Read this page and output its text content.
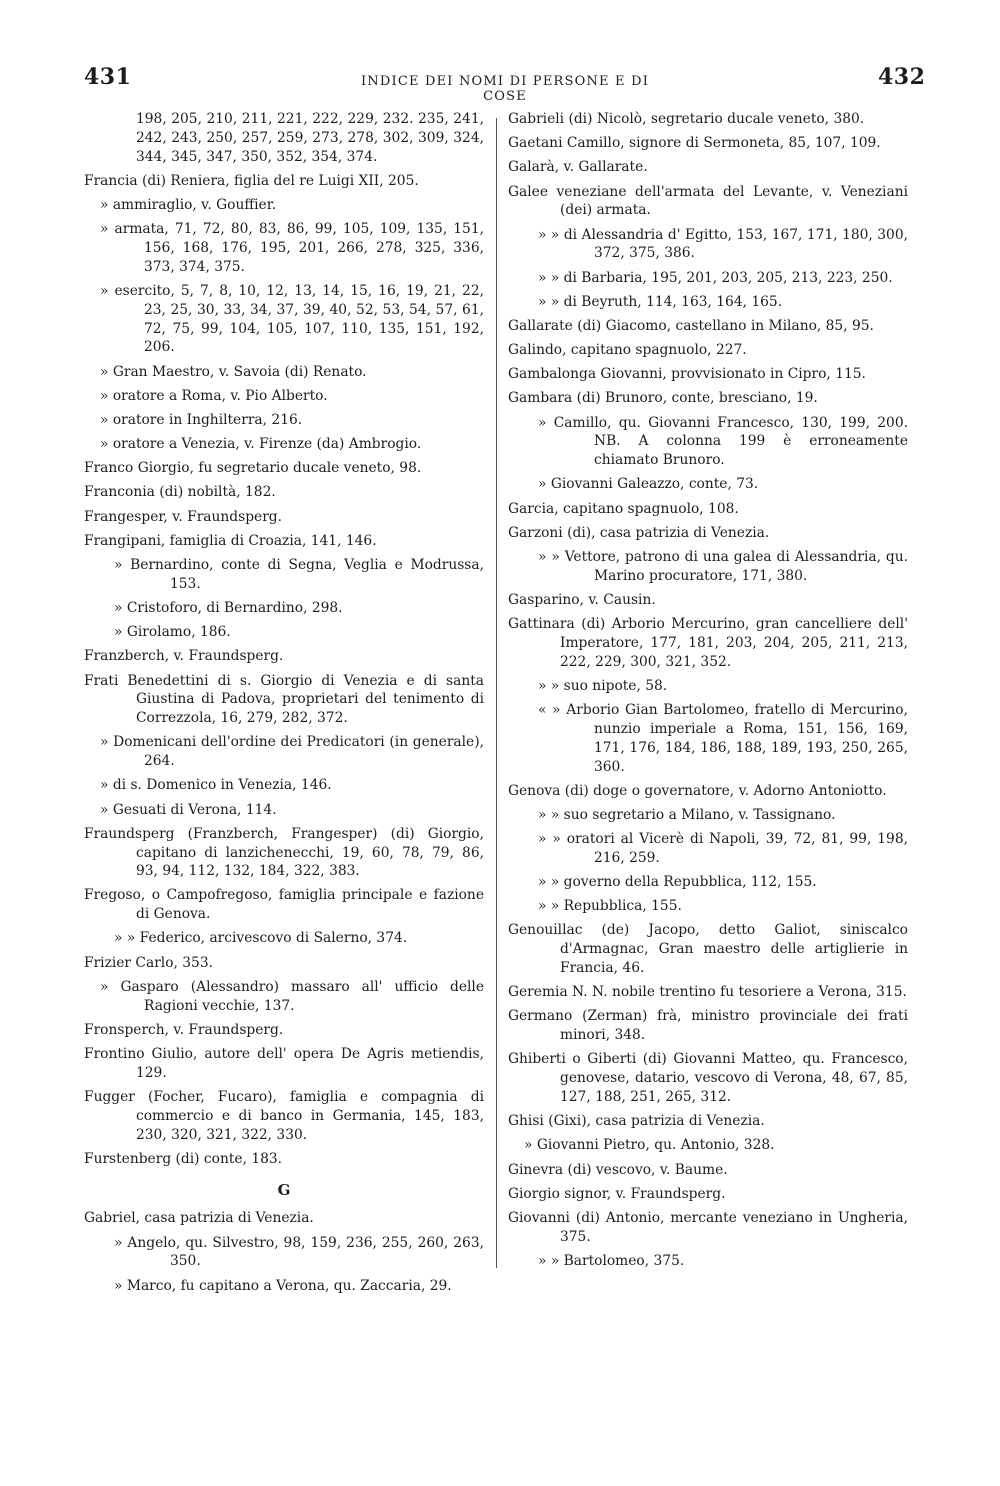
431	INDICE DEI NOMI DI PERSONE E DI COSE
432
198, 205, 210, 211, 221, 222, 229, 232. 235, 241, 242, 243, 250, 257, 259, 273, 278, 302, 309, 324, 344, 345, 347, 350, 352, 354, 374.
Francia (di) Reniera, figlia del re Luigi XII, 205.
» ammiraglio, v. Gouffier.
» armata, 71, 72, 80, 83, 86, 99, 105, 109, 135, 151, 156, 168, 176, 195, 201, 266, 278, 325, 336, 373, 374, 375.
» esercito, 5, 7, 8, 10, 12, 13, 14, 15, 16, 19, 21, 22, 23, 25, 30, 33, 34, 37, 39, 40, 52, 53, 54, 57, 61, 72, 75, 99, 104, 105, 107, 110, 135, 151, 192, 206.
» Gran Maestro, v. Savoia (di) Renato.
» oratore a Roma, v. Pio Alberto.
» oratore in Inghilterra, 216.
» oratore a Venezia, v. Firenze (da) Ambrogio.
Franco Giorgio, fu segretario ducale veneto, 98.
Franconia (di) nobiltà, 182.
Frangesper, v. Fraundsperg.
Frangipani, famiglia di Croazia, 141, 146.
» Bernardino, conte di Segna, Veglia e Modrussa, 153.
» Cristoforo, di Bernardino, 298.
» Girolamo, 186.
Franzberch, v. Fraundsperg.
Frati Benedettini di s. Giorgio di Venezia e di santa Giustina di Padova, proprietari del tenimento di Correzzola, 16, 279, 282, 372.
» Domenicani dell'ordine dei Predicatori (in generale), 264.
» di s. Domenico in Venezia, 146.
» Gesuati di Verona, 114.
Fraundsperg (Franzberch, Frangesper) (di) Giorgio, capitano di lanzichenecchi, 19, 60, 78, 79, 86, 93, 94, 112, 132, 184, 322, 383.
Fregoso, o Campofregoso, famiglia principale e fazione di Genova.
» » Federico, arcivescovo di Salerno, 374.
Frizier Carlo, 353.
» Gasparo (Alessandro) massaro all' ufficio delle Ragioni vecchie, 137.
Fronsperch, v. Fraundsperg.
Frontino Giulio, autore dell' opera De Agris metiendis, 129.
Fugger (Focher, Fucaro), famiglia e compagnia di commercio e di banco in Germania, 145, 183, 230, 320, 321, 322, 330.
Furstenberg (di) conte, 183.
G
Gabriel, casa patrizia di Venezia.
» Angelo, qu. Silvestro, 98, 159, 236, 255, 260, 263, 350.
» Marco, fu capitano a Verona, qu. Zaccaria, 29.
Gabrieli (di) Nicolò, segretario ducale veneto, 380.
Gaetani Camillo, signore di Sermoneta, 85, 107, 109.
Galarà, v. Gallarate.
Galee veneziane dell'armata del Levante, v. Veneziani (dei) armata.
» » di Alessandria d' Egitto, 153, 167, 171, 180, 300, 372, 375, 386.
» » di Barbaria, 195, 201, 203, 205, 213, 223, 250.
» » di Beyruth, 114, 163, 164, 165.
Gallarate (di) Giacomo, castellano in Milano, 85, 95.
Galindo, capitano spagnuolo, 227.
Gambalonga Giovanni, provvisionato in Cipro, 115.
Gambara (di) Brunoro, conte, bresciano, 19.
» Camillo, qu. Giovanni Francesco, 130, 199, 200. NB. A colonna 199 è erroneamente chiamato Brunoro.
» Giovanni Galeazzo, conte, 73.
Garcia, capitano spagnuolo, 108.
Garzoni (di), casa patrizia di Venezia.
» » Vettore, patrono di una galea di Alessandria, qu. Marino procuratore, 171, 380.
Gasparino, v. Causin.
Gattinara (di) Arborio Mercurino, gran cancelliere dell' Imperatore, 177, 181, 203, 204, 205, 211, 213, 222, 229, 300, 321, 352.
» » suo nipote, 58.
« » Arborio Gian Bartolomeo, fratello di Mercurino, nunzio imperiale a Roma, 151, 156, 169, 171, 176, 184, 186, 188, 189, 193, 250, 265, 360.
Genova (di) doge o governatore, v. Adorno Antoniotto.
» » suo segretario a Milano, v. Tassignano.
» » oratori al Vicerè di Napoli, 39, 72, 81, 99, 198, 216, 259.
» » governo della Repubblica, 112, 155.
» » Repubblica, 155.
Genouillac (de) Jacopo, detto Galiot, siniscalco d'Armagnac, Gran maestro delle artiglierie in Francia, 46.
Geremia N. N. nobile trentino fu tesoriere a Verona, 315.
Germano (Zerman) frà, ministro provinciale dei frati minori, 348.
Ghiberti o Giberti (di) Giovanni Matteo, qu. Francesco, genovese, datario, vescovo di Verona, 48, 67, 85, 127, 188, 251, 265, 312.
Ghisi (Gixi), casa patrizia di Venezia.
» Giovanni Pietro, qu. Antonio, 328.
Ginevra (di) vescovo, v. Baume.
Giorgio signor, v. Fraundsperg.
Giovanni (di) Antonio, mercante veneziano in Ungheria, 375.
» » Bartolomeo, 375.
